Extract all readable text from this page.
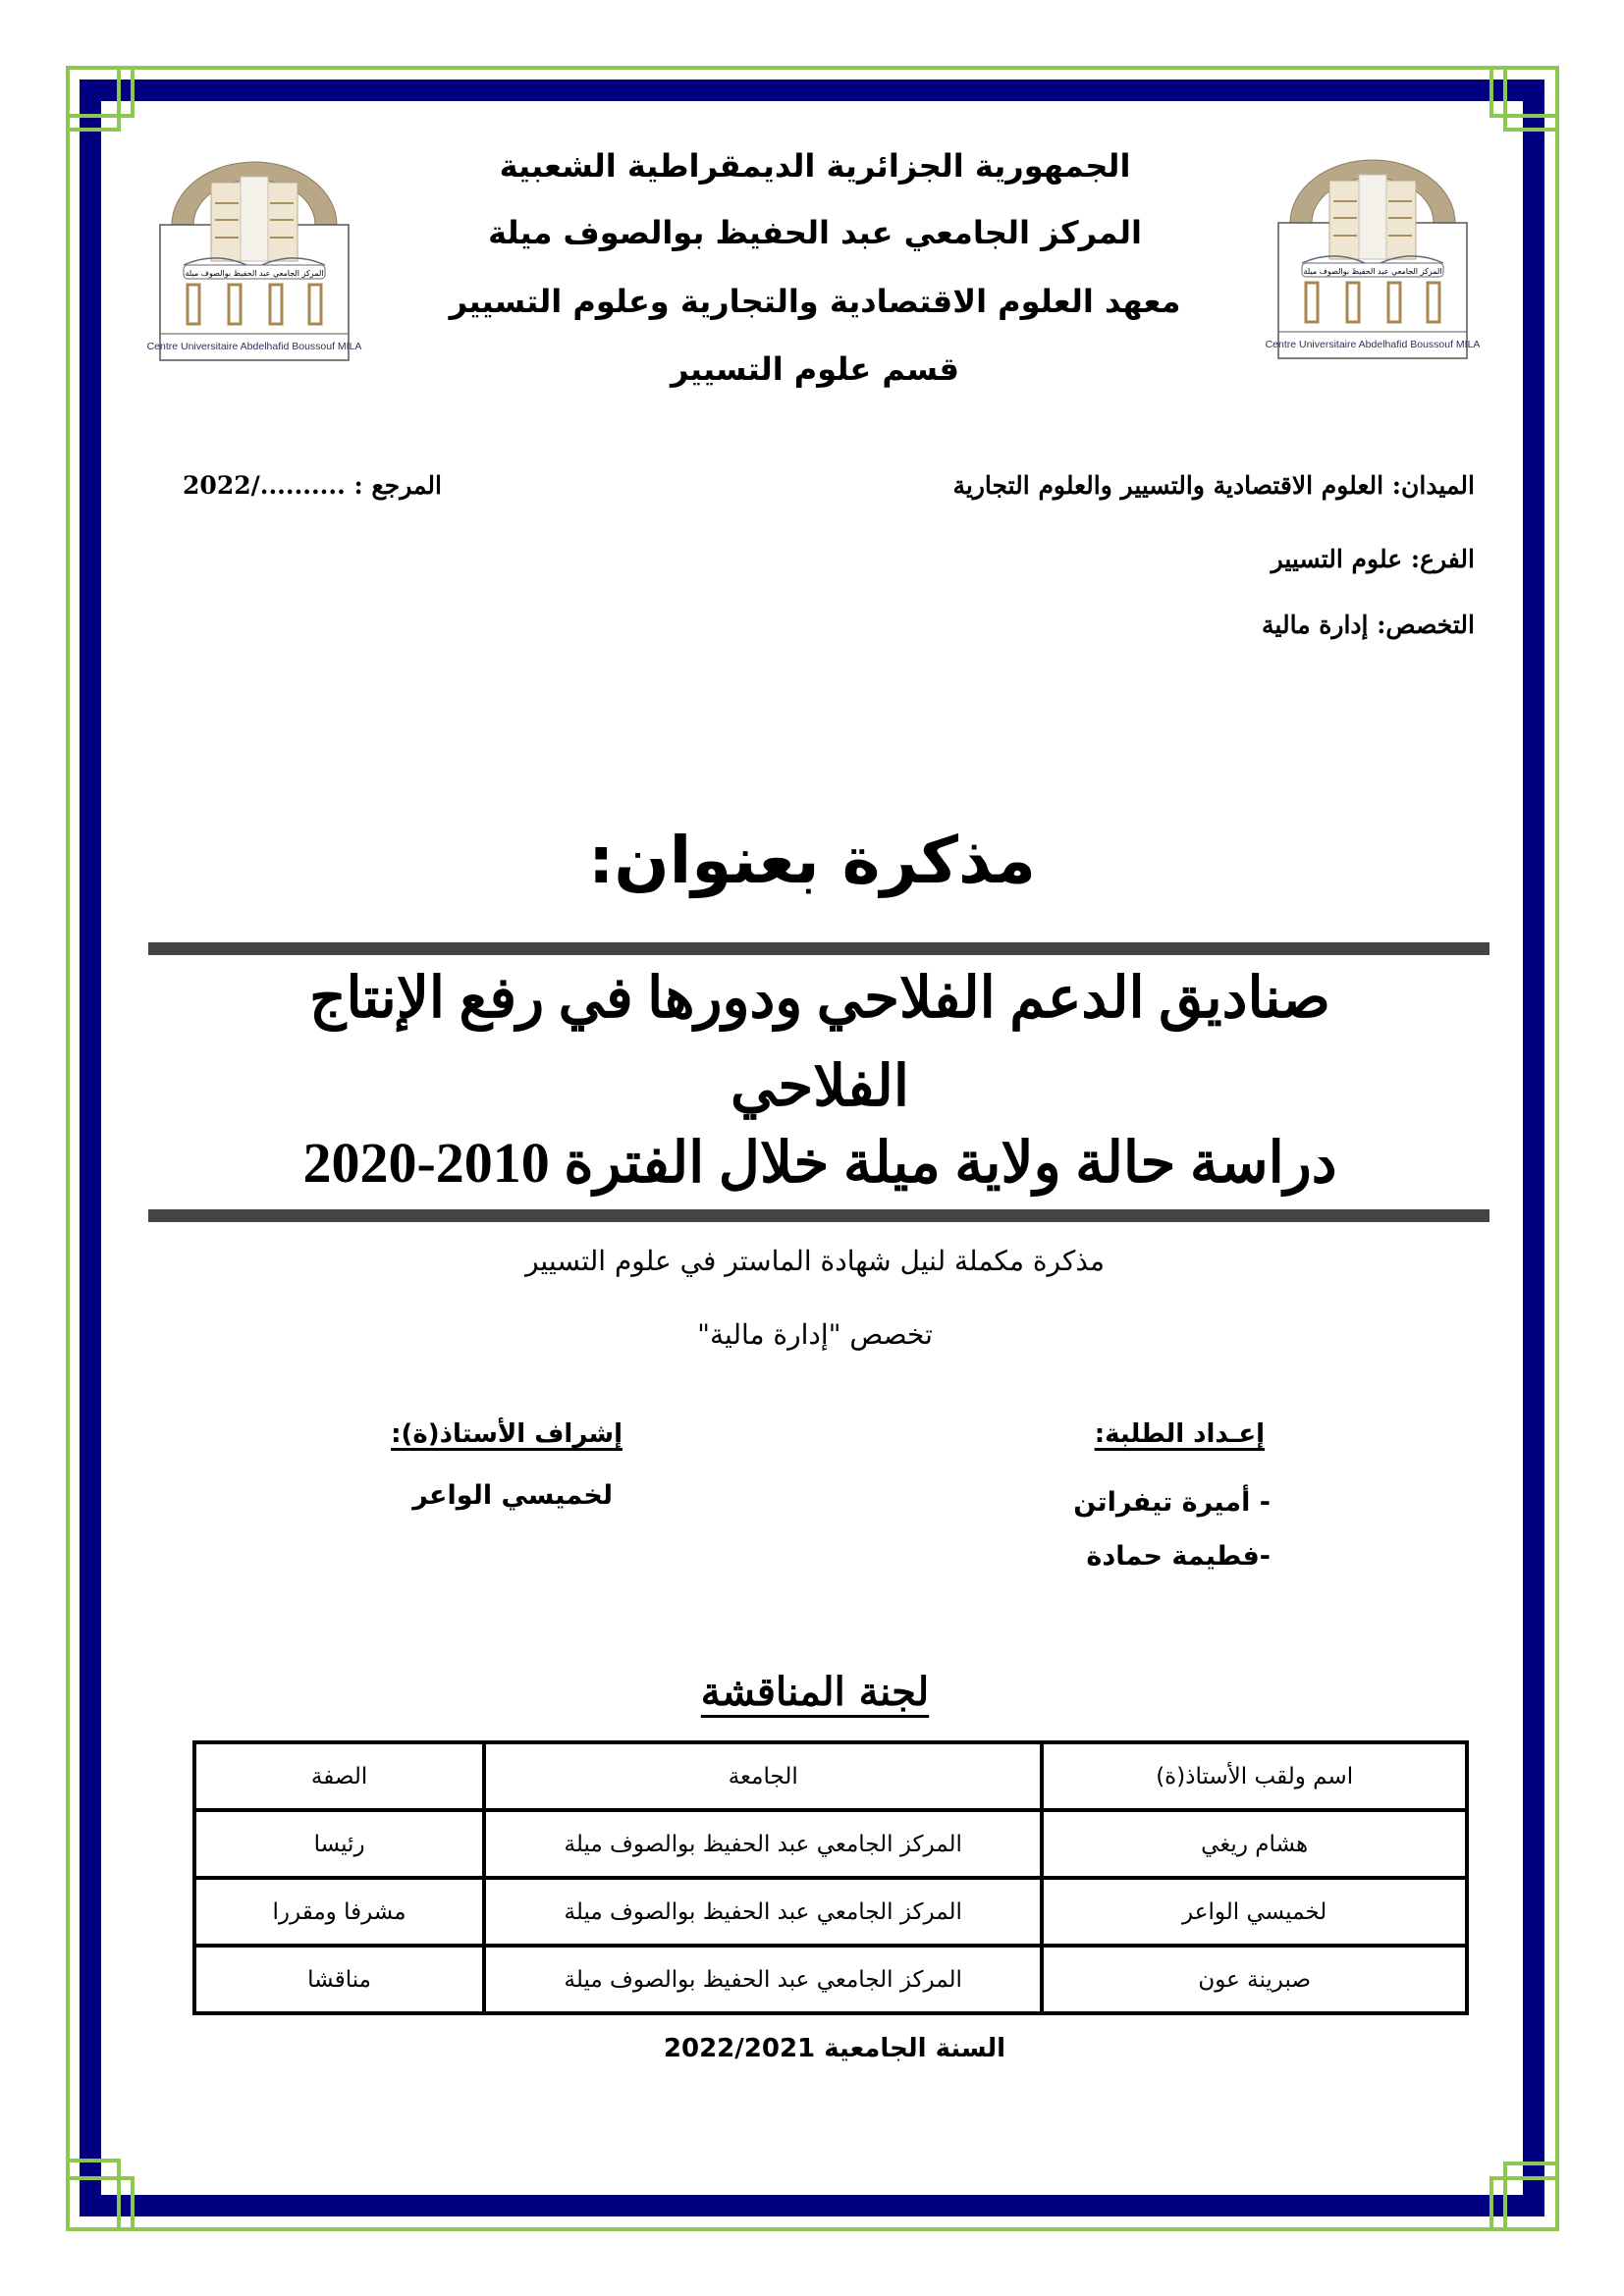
المركز الجامعي عبد الحفيظ بوالصوف ميلة
Centre Universitaire Abdelhafid Boussouf MILA
المركز الجامعي عبد الحفيظ بوالصوف ميلة
Centre Universitaire Abdelhafid Boussouf MILA
الجمهورية الجزائرية الديمقراطية الشعبية
المركز الجامعي عبد الحفيظ بوالصوف ميلة
معهد العلوم الاقتصادية والتجارية وعلوم التسيير
قسم علوم التسيير
الميدان: العلوم الاقتصادية والتسيير والعلوم التجارية
الفرع: علوم التسيير
التخصص: إدارة مالية
المرجع : ........../2022
مذكرة بعنوان:
صناديق الدعم الفلاحي ودورها في رفع الإنتاج
الفلاحي
دراسة حالة ولاية ميلة خلال الفترة 2010-2020
مذكرة مكملة لنيل شهادة الماستر في علوم التسيير
تخصص "إدارة مالية"
إعـداد الطلبة:
- أميرة تيفراتن
-فطيمة حمادة
إشراف الأستاذ(ة):
لخميسي الواعر
لجنة المناقشة
اسم ولقب الأستاذ(ة)	الجامعة	الصفة
هشام ريغي	المركز الجامعي عبد الحفيظ بوالصوف ميلة	رئيسا
لخميسي الواعر	المركز الجامعي عبد الحفيظ بوالصوف ميلة	مشرفا ومقررا
صبرينة عون	المركز الجامعي عبد الحفيظ بوالصوف ميلة	مناقشا
السنة الجامعية 2022/2021
